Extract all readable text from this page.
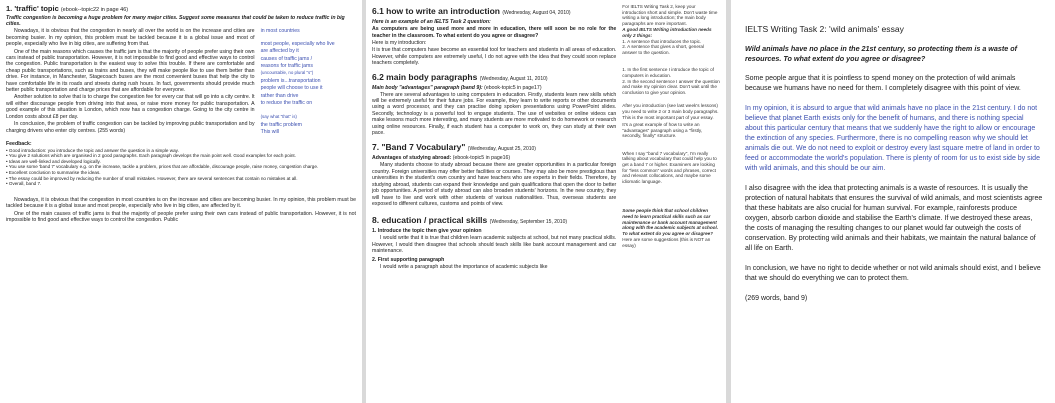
1. 'traffic' topic (ebook--topic22 in page 46)
Traffic congestion is becoming a huge problem for many major cities. Suggest some measures that could be taken to reduce traffic in big cities.
Nowadays, it is obvious that the congestion in nearly all over the world is on the increase and cities are becoming busier. In my opinion, this problem must be tackled because it is a global issue and most of people, especially who live in big cities, are suffering from that.
One of the main reasons which causes the traffic jam is that the majority of people prefer using their own cars instead of public transportation. However, it is not impossible to find good and effective ways to control the congestion. Public transportation is the easiest way to solve this trouble. If there are comfortable and cheap public transportations, such as trains and buses, they will make people like to use them better than drive. For instance, in Manchester, Stagecoach buses are the most convenient buses that help the city to have comfortable life in its roads and streets during rush hours. In fact, governments should provide much better public transportation and charge prices that are affordable for everyone.
Another solution to solve that is to charge the congestion fee for every car that will go into a city centre. It will either discourage people from driving into that area, or raise more money for public transportation. A good example of this situation is London, which now has a congestion charge. Going to the city centre in London costs about £8 per day.
In conclusion, the problem of traffic congestion can be tackled by improving public transportation and by charging drivers who enter city centres. (255 words)
in most countries
most people, especially who live
are affected by it
causes of traffic jams /
reasons for traffic jams
(uncountable, no plural "s")
problem is...transportation
people will choose to use it
rather than drive
to reduce the traffic on
(say what "that" is)
the traffic problem
This will
Feedback:
• Good introduction: you introduce the topic and answer the question in a simple way.
• You give 2 solutions which are organised in 2 good paragraphs. Each paragraph develops the main point well. Good examples for each point.
• Ideas are well-linked and developed logically.
• You use some 'band 7' vocabulary e.g. on the increase, tackle a problem, prices that are affordable, discourage people, raise money, congestion charge.
• Excellent conclusion to summarise the ideas.
• The essay could be improved by reducing the number of small mistakes. However, there are several sentences that contain no mistakes at all.
• Overall, band 7.
Nowadays, it is obvious that the congestion in most countries is on the increase and cities are becoming busier. In my opinion, this problem must be tackled because it is a global issue and most people, especially who live in big cities, are affected by it.
One of the main causes of traffic jams is that the majority of people prefer using their own cars instead of public transportation. However, it is not impossible to find good and effective ways to control the congestion. Public
6.1 how to write an introduction (Wednesday, August 04, 2010)
Here is an example of an IELTS Task 2 question:
As computers are being used more and more in education, there will soon be no role for the teacher in the classroom. To what extent do you agree or disagree?
Here is my introduction:
It is true that computers have become an essential tool for teachers and students in all areas of education. However, while computers are extremely useful, I do not agree with the idea that they could soon replace teachers completely.
6.2 main body paragraphs (Wednesday, August 11, 2010)
Main body "advantages" paragraph (band 9): (ebook-topic5 in page17)
There are several advantages to using computers in education. Firstly, students learn new skills which will be extremely useful for their future jobs. For example, they learn to write reports or other documents using a word processor, and they can practise doing spoken presentations using PowerPoint slides. Secondly, technology is a powerful tool to engage students. The use of websites or online videos can make lessons much more interesting, and many students are more motivated to do homework or research using online resources. Finally, if each student has a computer to work on, they can study at their own pace.
7. "Band 7 Vocabulary" (Wednesday, August 25, 2010)
Advantages of studying abroad: (ebook-topic5 in page16)
Many students choose to study abroad because there are greater opportunities in a particular foreign country. Foreign universities may offer better facilities or courses. They may also be more prestigious than universities in the student's own country and have teachers who are experts in their fields. Therefore, by studying abroad, students can expand their knowledge and gain qualifications that open the door to better job opportunities. A period of study abroad can also broaden students' horizons. In the new country, they will have to live and work with other students of various nationalities. Thus, overseas students are exposed to different cultures, customs and points of view.
8. education / practical skills (Wednesday, September 15, 2010)
1. Introduce the topic then give your opinion
I would write that it is true that children learn academic subjects at school, but not many practical skills. However, I would then disagree that schools should teach skills like bank account management and car maintenance.
2. First supporting paragraph
I would write a paragraph about the importance of academic subjects like
For IELTS Writing Task 2, keep your introduction short and simple. Don't waste time writing a long introduction; the main body paragraphs are more important.
A good IELTS Writing introduction needs only 2 things:
1. A sentence that introduces the topic.
2. A sentence that gives a short, general answer to the question.
1. In the first sentence I introduce the topic of computers in education.
2. In the second sentence I answer the question and make my opinion clear. Don't wait until the conclusion to give your opinion.
After you introduction (see last week's lessons) you need to write 2 or 3 main body paragraphs. This is the most important part of your essay.
It's a great example of how to write an "advantages" paragraph using a "firstly, secondly, finally" structure.
When I say "band 7 vocabulary", I'm really talking about vocabulary that could help you to get a band 7 or higher. Examiners are looking for "less common" words and phrases, correct and relevant collocations, and maybe some idiomatic language.
Some people think that school children need to learn practical skills such as car maintenance or bank account management along with the academic subjects at school. To what extent do you agree or disagree?
Here are some suggestions (this is NOT an essay)
IELTS Writing Task 2: 'wild animals' essay
Wild animals have no place in the 21st century, so protecting them is a waste of resources. To what extent do you agree or disagree?
Some people argue that it is pointless to spend money on the protection of wild animals because we humans have no need for them. I completely disagree with this point of view.
In my opinion, it is absurd to argue that wild animals have no place in the 21st century. I do not believe that planet Earth exists only for the benefit of humans, and there is nothing special about this particular century that means that we suddenly have the right to allow or encourage the extinction of any species. Furthermore, there is no compelling reason why we should let animals die out. We do not need to exploit or destroy every last square metre of land in order to feed or accommodate the world's population. There is plenty of room for us to exist side by side with wild animals, and this should be our aim.
I also disagree with the idea that protecting animals is a waste of resources. It is usually the protection of natural habitats that ensures the survival of wild animals, and most scientists agree that these habitats are also crucial for human survival. For example, rainforests produce oxygen, absorb carbon dioxide and stabilise the Earth's climate. If we destroyed these areas, the costs of managing the resulting changes to our planet would far outweigh the costs of conservation. By protecting wild animals and their habitats, we maintain the natural balance of all life on Earth.
In conclusion, we have no right to decide whether or not wild animals should exist, and I believe that we should do everything we can to protect them.
(269 words, band 9)
